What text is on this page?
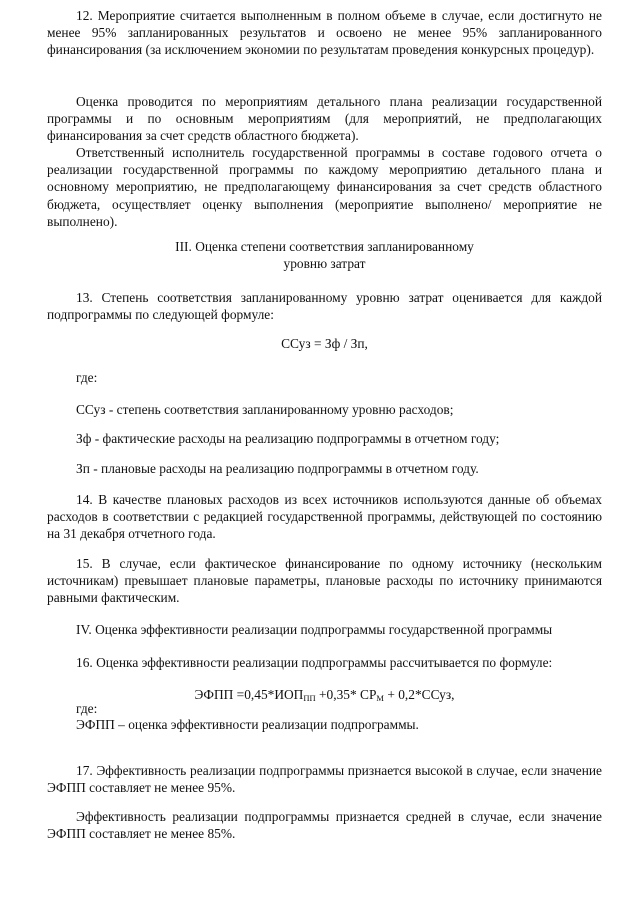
12. Мероприятие считается выполненным в полном объеме в случае, если достигнуто не менее 95% запланированных результатов и освоено не менее 95% запланированного финансирования (за исключением экономии по результатам проведения конкурсных процедур).

Оценка проводится по мероприятиям детального плана реализации государственной программы и по основным мероприятиям (для мероприятий, не предполагающих финансирования за счет средств областного бюджета).

Ответственный исполнитель государственной программы в составе годового отчета о реализации государственной программы по каждому мероприятию детального плана и основному мероприятию, не предполагающему финансирования за счет средств областного бюджета, осуществляет оценку выполнения (мероприятие выполнено/ мероприятие не выполнено).

III. Оценка степени соответствия запланированному
уровню затрат

13. Степень соответствия запланированному уровню затрат оценивается для каждой подпрограммы по следующей формуле:

ССуз = Зф / Зп,

где:

ССуз - степень соответствия запланированному уровню расходов;

Зф - фактические расходы на реализацию подпрограммы в отчетном году;

Зп - плановые расходы на реализацию подпрограммы в отчетном году.

14. В качестве плановых расходов из всех источников используются данные об объемах расходов в соответствии с редакцией государственной программы, действующей по состоянию на 31 декабря отчетного года.

15. В случае, если фактическое финансирование по одному источнику (нескольким источникам) превышает плановые параметры, плановые расходы по источнику принимаются равными фактическим.

IV. Оценка эффективности реализации подпрограммы государственной программы

16. Оценка эффективности реализации подпрограммы рассчитывается по формуле:

ЭФПП $=0,45*ИОП_{ПП} +0,35*$ $СР_М$ + 0,2*ССуз,

где:

ЭФПП – оценка эффективности реализации подпрограммы.

17. Эффективность реализации подпрограммы признается высокой в случае, если значение ЭФПП составляет не менее 95%.

Эффективность реализации подпрограммы признается средней в случае, если значение ЭФПП составляет не менее 85%.
